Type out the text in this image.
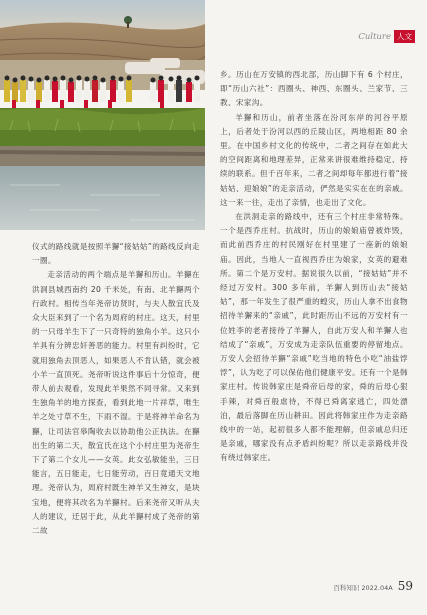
Culture 人文

仪式的路线就是按照羊獬“接姑姑”的路线反向走一圈。

走亲活动的两个端点是羊獬和历山。羊獬在洪洞县城西南约 20 千米处，有南、北羊獬两个行政村。相传当年尧帝访贤时，与夫人散宜氏及众大臣来到了一个名为周府的村庄。这天，村里的一只母羊生下了一只奇特的独角小羊。这只小羊具有分辨忠奸善恶的能力。村里有纠纷时，它就用独角去顶恶人，如果恶人不肯认错，就会被小羊一直顶死。尧帝听说这件事后十分惊奇，便带人前去观看，发现此羊果然不同寻常。又来到生独角羊的地方探查，看到此地一片祥草，唯生羊之处寸草不生，下雨不湿。于是将神羊命名为獬，让司法官皋陶收去以协助他公正执法。在獬出生的第二天，散宜氏在这个小村庄里为尧帝生下了第二个女儿——女英。此女弘敏能坐，三日能言，五日能走，七日能劳动，百日竟通天文地理。尧帝认为，周府村既生神羊又生神女，是块宝地，便将其改名为羊獬村。后来尧帝又听从夫人的建议，迁居于此，从此羊獬村成了尧帝的第二故

乡。历山在万安镇的西北部，历山脚下有 6 个村庄，即“历山六社”：西圈头、神西、东圈头、兰家节、三教、宋家沟。

羊獬和历山，前者坐落在汾河东岸的河谷平原上，后者处于汾河以西的丘陵山区，两地相距 80 余里。在中国乡村文化的传统中，二者之间存在如此大的空间距离和地理差异，正常来讲很难维持稳定、持续的联系。但千百年来，二者之间却每年都进行着“接姑姑、迎娘娘”的走亲活动，俨然是实实在在的亲戚。这一来一往，走出了亲情，也走出了文化。

在洪洞走亲的路线中，还有三个村庄非常特殊。一个是西乔庄村。抗战时，历山的娘娘庙曾被炸毁，而此前西乔庄的村民刚好在村里建了一座新的娘娘庙。因此，当地人一直视西乔庄为娘家，女英的避难所。第二个是万安村。据说很久以前，“接姑姑”并不经过万安村。300 多年前，羊獬人到历山去“接姑姑”，那一年发生了很严重的蝗灾，历山人拿不出食物招待羊獬来的“亲戚”，此时距历山不远的万安村有一位姓李的老者接待了羊獬人，自此万安人和羊獬人也结成了“亲戚”，万安成为走亲队伍重要的停留地点。万安人会招待羊獬“亲戚”吃当地的特色小吃“油盐饽饽”，认为吃了可以保佑他们健康平安。还有一个是韩家庄村。传说韩家庄是舜帝后母的家，舜的后母心狠手辣，对舜百般虐待，不得已舜离家逃亡，四处漂泊，最后落脚在历山耕田。因此将韩家庄作为走亲路线中的一站，起初很多人都不能理解，但亲戚总归还是亲戚，哪家没有点矛盾纠纷呢？所以走亲路线并没有绕过韩家庄。

百科知识 2022.04A 59
